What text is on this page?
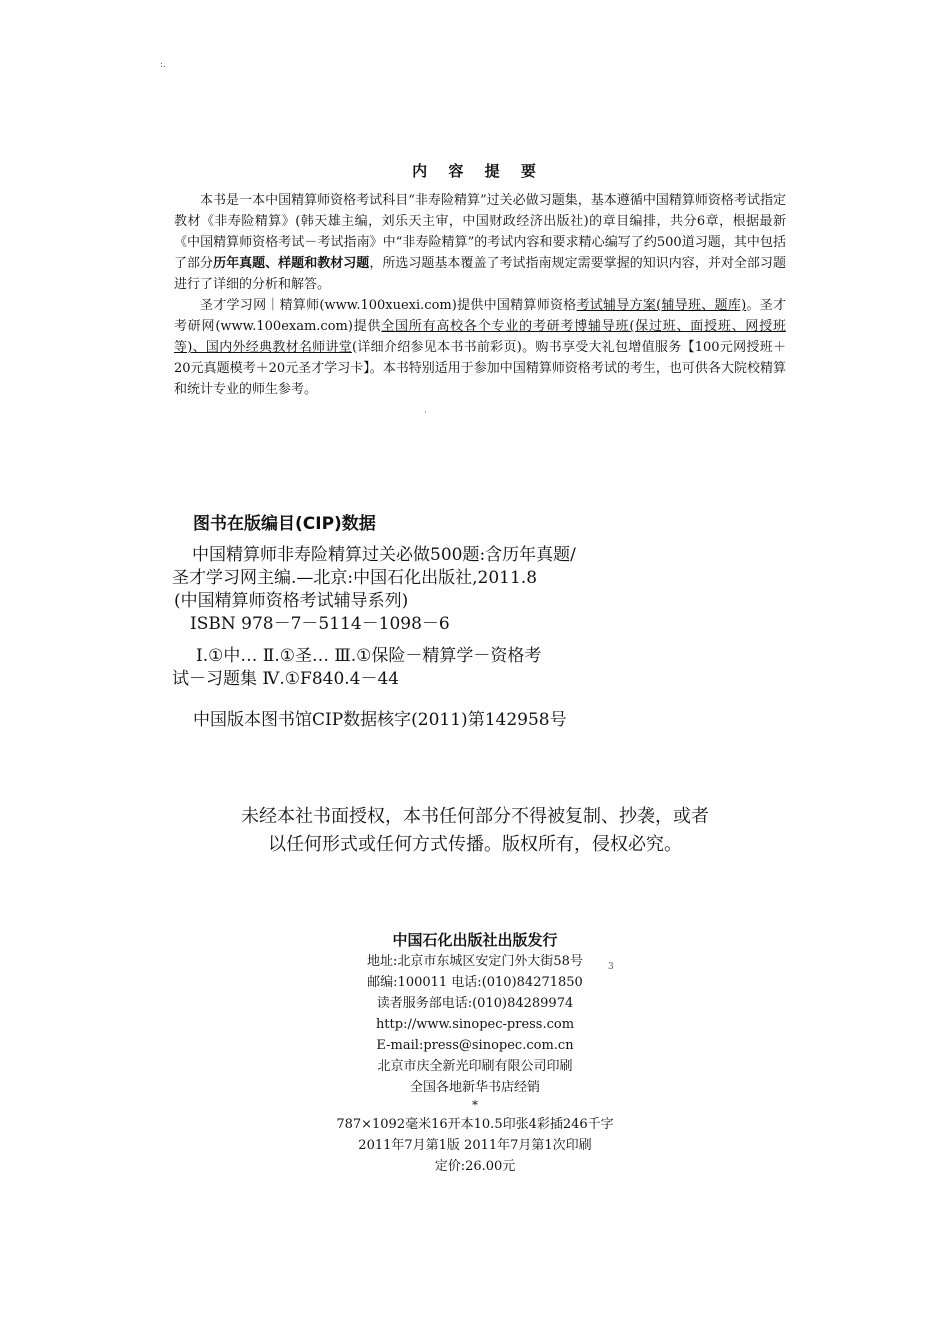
:.
3
·
内 容 提 要

本书是一本中国精算师资格考试科目“非寿险精算”过关必做习题集，基本遵循中国精算师资格考试指定教材《非寿险精算》(韩天雄主编，刘乐天主审，中国财政经济出版社)的章目编排，共分6章，根据最新《中国精算师资格考试－考试指南》中“非寿险精算”的考试内容和要求精心编写了约500道习题，其中包括了部分历年真题、样题和教材习题，所选习题基本覆盖了考试指南规定需要掌握的知识内容，并对全部习题进行了详细的分析和解答。

圣才学习网｜精算师(www.100xuexi.com)提供中国精算师资格考试辅导方案(辅导班、题库)。圣才考研网(www.100exam.com)提供全国所有高校各个专业的考研考博辅导班(保过班、面授班、网授班等)、国内外经典教材名师讲堂(详细介绍参见本书书前彩页)。购书享受大礼包增值服务【100元网授班＋20元真题模考＋20元圣才学习卡】。本书特别适用于参加中国精算师资格考试的考生，也可供各大院校精算和统计专业的师生参考。

图书在版编目(CIP)数据
中国精算师非寿险精算过关必做500题:含历年真题/
圣才学习网主编.—北京:中国石化出版社,2011.8
(中国精算师资格考试辅导系列)
ISBN 978－7－5114－1098－6
Ⅰ.①中… Ⅱ.①圣… Ⅲ.①保险－精算学－资格考
试－习题集 Ⅳ.①F840.4－44
中国版本图书馆CIP数据核字(2011)第142958号
未经本社书面授权，本书任何部分不得被复制、抄袭，或者
以任何形式或任何方式传播。版权所有，侵权必究。
中国石化出版社出版发行
地址:北京市东城区安定门外大街58号
邮编:100011 电话:(010)84271850
读者服务部电话:(010)84289974
http://www.sinopec-press.com
E-mail:press@sinopec.com.cn
北京市庆全新光印刷有限公司印刷
全国各地新华书店经销
*
787×1092毫米16开本10.5印张4彩插246千字
2011年7月第1版 2011年7月第1次印刷
定价:26.00元
